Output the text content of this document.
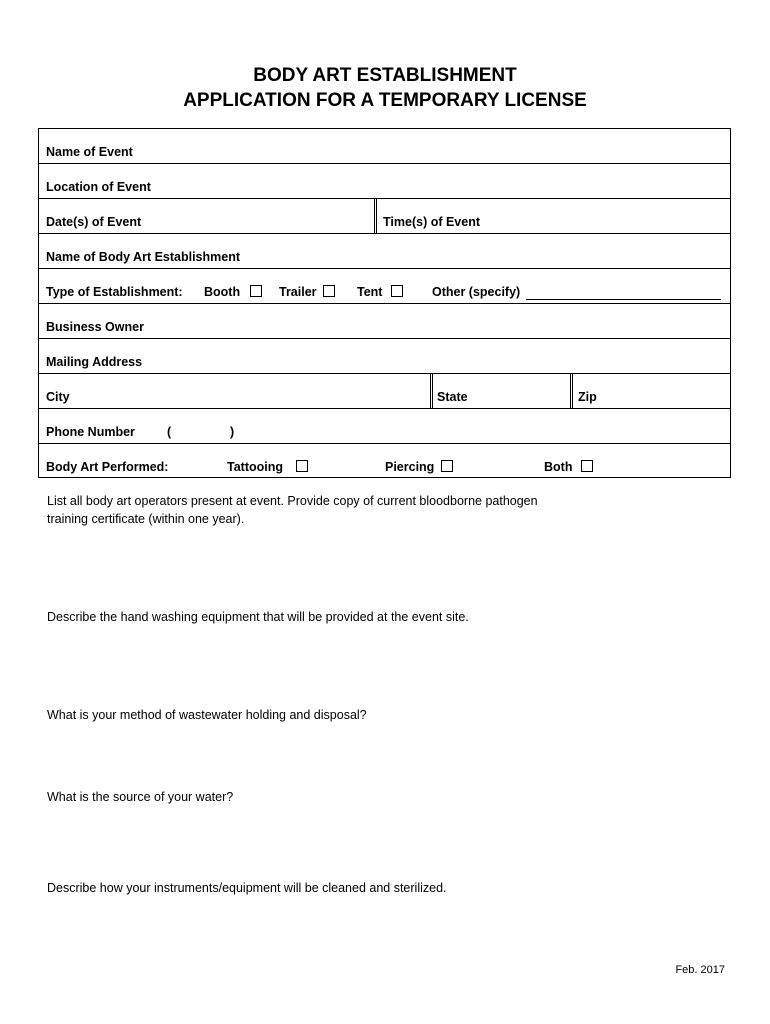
BODY ART ESTABLISHMENT
APPLICATION FOR A TEMPORARY LICENSE
Name of Event
Location of Event
Date(s) of Event	Time(s) of Event
Name of Body Art Establishment
Type of Establishment: Booth	Trailer	Tent	Other (specify)
Business Owner
Mailing Address
City	State	Zip
Phone Number	(	)
Body Art Performed:	Tattooing	Piercing	Both
List all body art operators present at event. Provide copy of current bloodborne pathogen
training certificate (within one year).
Describe the hand washing equipment that will be provided at the event site.
What is your method of wastewater holding and disposal?
What is the source of your water?
Describe how your instruments/equipment will be cleaned and sterilized.
Feb. 2017
